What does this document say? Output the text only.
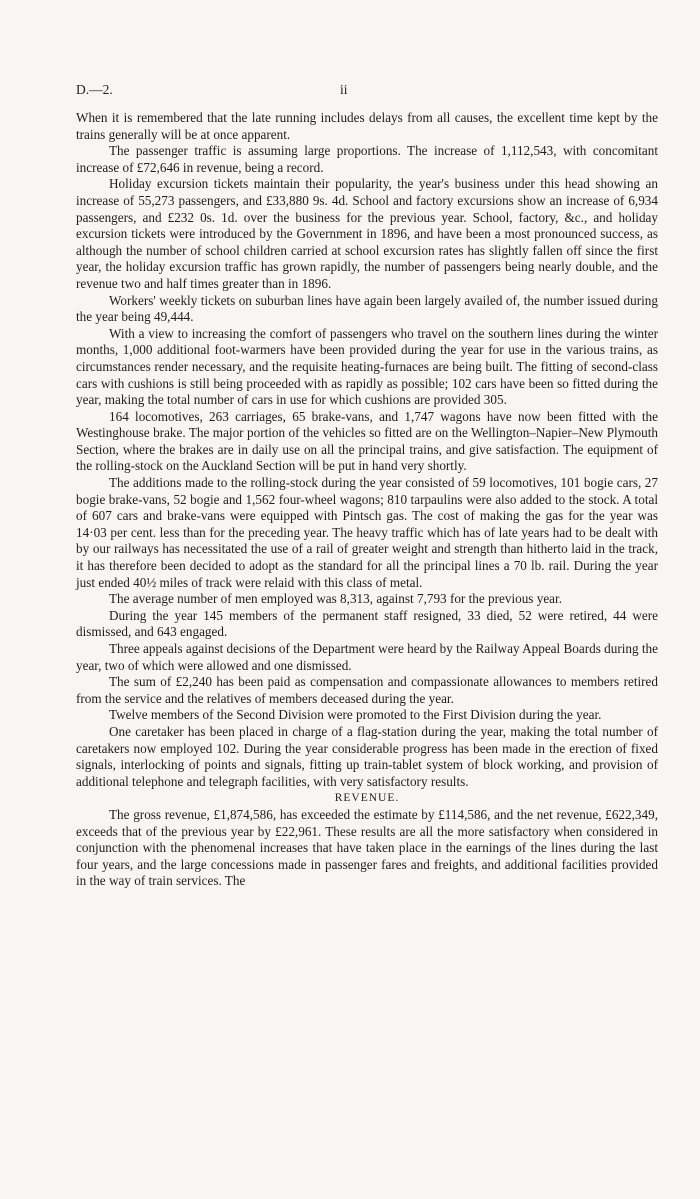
D.—2.	ii

When it is remembered that the late running includes delays from all causes, the excellent time kept by the trains generally will be at once apparent.

The passenger traffic is assuming large proportions. The increase of 1,112,543, with concomitant increase of £72,646 in revenue, being a record.

Holiday excursion tickets maintain their popularity, the year's business under this head showing an increase of 55,273 passengers, and £33,880 9s. 4d. School and factory excursions show an increase of 6,934 passengers, and £232 0s. 1d. over the business for the previous year. School, factory, &c., and holiday excursion tickets were introduced by the Government in 1896, and have been a most pronounced success, as although the number of school children carried at school excursion rates has slightly fallen off since the first year, the holiday excursion traffic has grown rapidly, the number of passengers being nearly double, and the revenue two and half times greater than in 1896.

Workers' weekly tickets on suburban lines have again been largely availed of, the number issued during the year being 49,444.

With a view to increasing the comfort of passengers who travel on the southern lines during the winter months, 1,000 additional foot-warmers have been provided during the year for use in the various trains, as circumstances render necessary, and the requisite heating-furnaces are being built. The fitting of second-class cars with cushions is still being proceeded with as rapidly as possible; 102 cars have been so fitted during the year, making the total number of cars in use for which cushions are provided 305.

164 locomotives, 263 carriages, 65 brake-vans, and 1,747 wagons have now been fitted with the Westinghouse brake. The major portion of the vehicles so fitted are on the Wellington–Napier–New Plymouth Section, where the brakes are in daily use on all the principal trains, and give satisfaction. The equipment of the rolling-stock on the Auckland Section will be put in hand very shortly.

The additions made to the rolling-stock during the year consisted of 59 locomotives, 101 bogie cars, 27 bogie brake-vans, 52 bogie and 1,562 four-wheel wagons; 810 tarpaulins were also added to the stock. A total of 607 cars and brake-vans were equipped with Pintsch gas. The cost of making the gas for the year was 14·03 per cent. less than for the preceding year. The heavy traffic which has of late years had to be dealt with by our railways has necessitated the use of a rail of greater weight and strength than hitherto laid in the track, it has therefore been decided to adopt as the standard for all the principal lines a 70 lb. rail. During the year just ended 40½ miles of track were relaid with this class of metal.

The average number of men employed was 8,313, against 7,793 for the previous year.

During the year 145 members of the permanent staff resigned, 33 died, 52 were retired, 44 were dismissed, and 643 engaged.

Three appeals against decisions of the Department were heard by the Railway Appeal Boards during the year, two of which were allowed and one dismissed.

The sum of £2,240 has been paid as compensation and compassionate allowances to members retired from the service and the relatives of members deceased during the year.

Twelve members of the Second Division were promoted to the First Division during the year.

One caretaker has been placed in charge of a flag-station during the year, making the total number of caretakers now employed 102. During the year considerable progress has been made in the erection of fixed signals, interlocking of points and signals, fitting up train-tablet system of block working, and provision of additional telephone and telegraph facilities, with very satisfactory results.

REVENUE.

The gross revenue, £1,874,586, has exceeded the estimate by £114,586, and the net revenue, £622,349, exceeds that of the previous year by £22,961. These results are all the more satisfactory when considered in conjunction with the phenomenal increases that have taken place in the earnings of the lines during the last four years, and the large concessions made in passenger fares and freights, and additional facilities provided in the way of train services. The
